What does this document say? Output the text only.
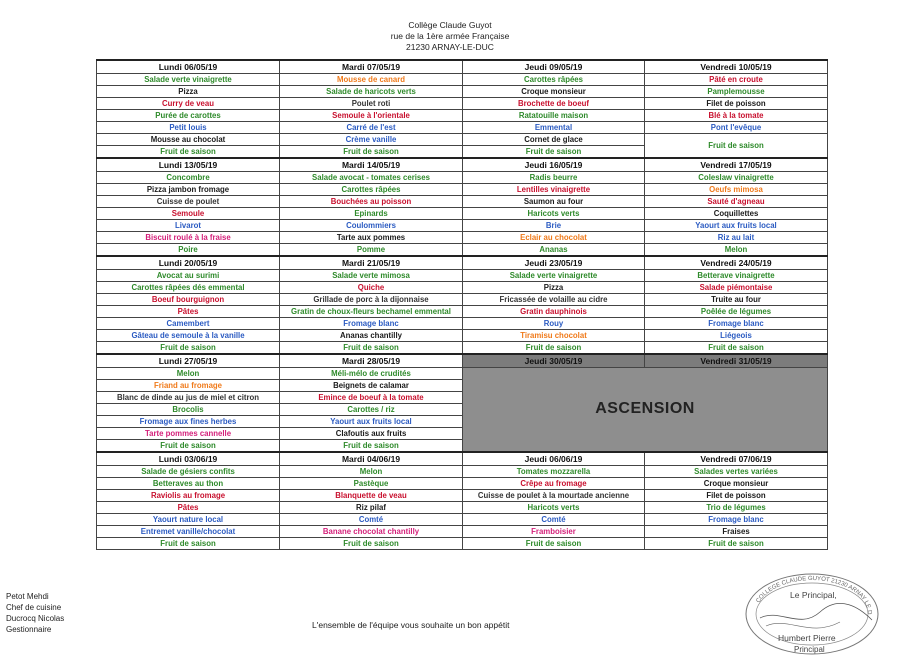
Collège Claude Guyot
rue de la 1ère armée Française
21230 ARNAY-LE-DUC
Lundi 06/05/19	Mardi 07/05/19	Jeudi 09/05/19	Vendredi 10/05/19
Salade verte vinaigrette	Mousse de canard	Carottes râpées	Pâté en croute
Pizza	Salade de haricots verts	Croque monsieur	Pamplemousse
Curry de veau	Poulet roti	Brochette de boeuf	Filet de poisson
Purée de carottes	Semoule à l'orientale	Ratatouille maison	Blé à la tomate
Petit louis	Carré de l'est	Emmental	Pont l'evêque
Mousse au chocolat	Crème vanille	Cornet de glace	Fruit de saison
Fruit de saison	Fruit de saison	Fruit de saison	
Lundi 13/05/19	Mardi 14/05/19	Jeudi 16/05/19	Vendredi 17/05/19
Concombre	Salade avocat - tomates cerises	Radis beurre	Coleslaw vinaigrette
Pizza jambon fromage	Carottes râpées	Lentilles vinaigrette	Oeufs mimosa
Cuisse de poulet	Bouchées au poisson	Saumon au four	Sauté d'agneau
Semoule	Epinards	Haricots verts	Coquillettes
Livarot	Coulommiers	Brie	Yaourt aux fruits local
Biscuit roulé à la fraise	Tarte aux pommes	Eclair au chocolat	Riz au lait
Poire	Pomme	Ananas	Melon
Lundi 20/05/19	Mardi 21/05/19	Jeudi 23/05/19	Vendredi 24/05/19
Avocat au surimi	Salade verte mimosa	Salade verte vinaigrette	Betterave vinaigrette
Carottes râpées dés emmental	Quiche	Pizza	Salade piémontaise
Boeuf bourguignon	Grillade de porc à la dijonnaise	Fricassée de volaille au cidre	Truite au four
Pâtes	Gratin de choux-fleurs bechamel emmental	Gratin dauphinois	Poêlée de légumes

Camembert	Fromage blanc	Rouy	Fromage blanc
Gâteau de semoule à la vanille	Ananas chantilly	Tiramisu chocolat	Liégeois
Fruit de saison	Fruit de saison	Fruit de saison	Fruit de saison
Lundi 27/05/19	Mardi 28/05/19	Jeudi 30/05/19	Vendredi 31/05/19
Melon	Méli-mélo de crudités	ASCENSION	
Friand au fromage	Beignets de calamar		
Blanc de dinde au jus de miel et citron	Emince de boeuf à la tomate		
Brocolis	Carottes / riz		
Fromage aux fines herbes	Yaourt aux fruits local		
Tarte pommes cannelle	Clafoutis aux fruits		
Fruit de saison	Fruit de saison		
Lundi 03/06/19	Mardi 04/06/19	Jeudi 06/06/19	Vendredi 07/06/19
Salade de gésiers confits	Melon	Tomates mozzarella	Salades vertes variées
Betteraves au thon	Pastèque	Crêpe au fromage	Croque monsieur
Raviolis au fromage	Blanquette de veau	Cuisse de poulet à la mourtade ancienne	Filet de poisson
Pâtes	Riz pilaf	Haricots verts	Trio de légumes
Yaourt nature local	Comté	Comté	Fromage blanc
Entremet vanille/chocolat	Banane chocolat chantilly	Framboisier	Fraises
Fruit de saison	Fruit de saison	Fruit de saison	Fruit de saison
Petot Mehdi
Chef de cuisine
Ducrocq Nicolas
Gestionnaire	L'ensemble de l'équipe vous souhaite un bon appétit
COLLEGE CLAUDE GUYOT 21230 ARNAY LE D
Le Principal,
Humbert Pierre
Principal
